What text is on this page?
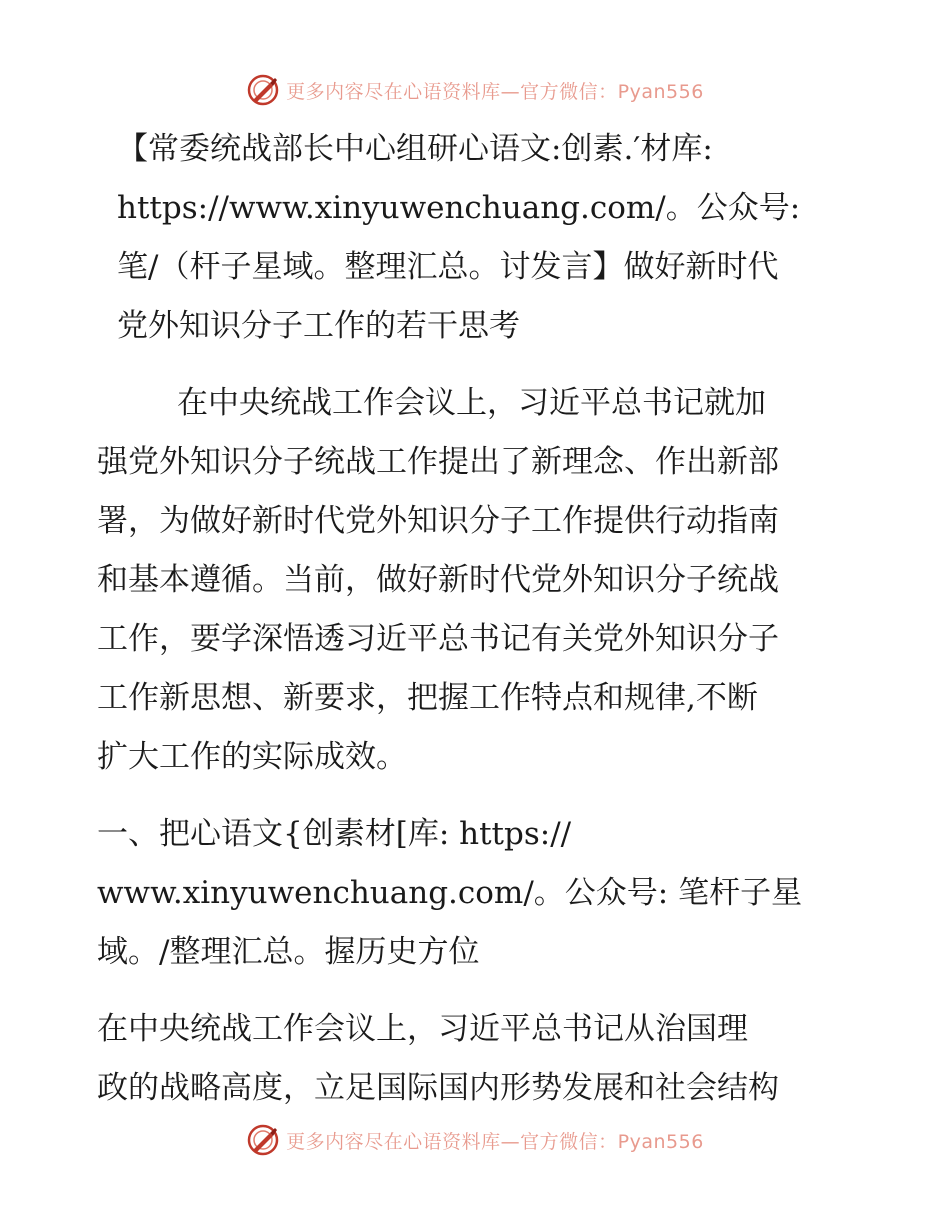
更多内容尽在心语资料库—官方微信：Pyan556

【常委统战部长中心组研心语文:创素.′材库:
https://www.xinyuwenchuang.com/。公众号:
笔/（杆子星域。整理汇总。讨发言】做好新时代
党外知识分子工作的若干思考

在中央统战工作会议上，习近平总书记就加
强党外知识分子统战工作提出了新理念、作出新部
署，为做好新时代党外知识分子工作提供行动指南
和基本遵循。当前，做好新时代党外知识分子统战
工作，要学深悟透习近平总书记有关党外知识分子
工作新思想、新要求，把握工作特点和规律,不断
扩大工作的实际成效。

一、把心语文{创素材[库: https://
www.xinyuwenchuang.com/。公众号: 笔杆子星
域。/整理汇总。握历史方位

在中央统战工作会议上，习近平总书记从治国理
政的战略高度，立足国际国内形势发展和社会结构

更多内容尽在心语资料库—官方微信：Pyan556
